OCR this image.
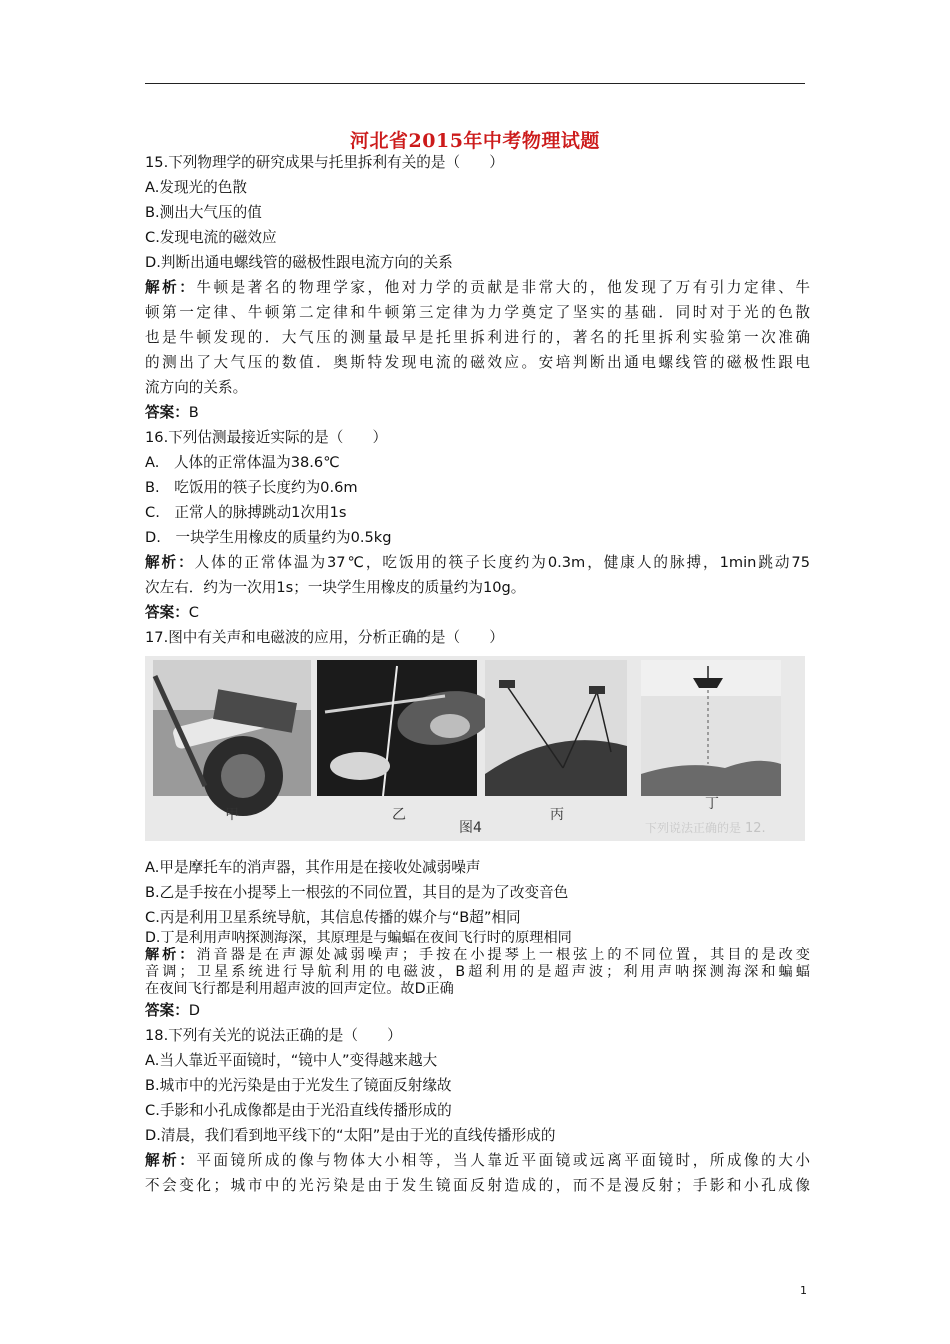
河北省2015年中考物理试题
15.下列物理学的研究成果与托里拆利有关的是（　　）
A.发现光的色散
B.测出大气压的值
C.发现电流的磁效应
D.判断出通电螺线管的磁极性跟电流方向的关系
解析：牛顿是著名的物理学家，他对力学的贡献是非常大的，他发现了万有引力定律、牛
顿第一定律、牛顿第二定律和牛顿第三定律为力学奠定了坚实的基础．同时对于光的色散
也是牛顿发现的．大气压的测量最早是托里拆利进行的，著名的托里拆利实验第一次准确
的测出了大气压的数值．奥斯特发现电流的磁效应。安培判断出通电螺线管的磁极性跟电
流方向的关系。
答案：B
16.下列估测最接近实际的是（　　）
A.　人体的正常体温为38.6℃
B.　吃饭用的筷子长度约为0.6m
C.　正常人的脉搏跳动1次用1s
D.　一块学生用橡皮的质量约为0.5kg
解析：人体的正常体温为37℃，吃饭用的筷子长度约为0.3m，健康人的脉搏，1min跳动75
次左右．约为一次用1s；一块学生用橡皮的质量约为10g。
答案：C
17.图中有关声和电磁波的应用，分析正确的是（　　）
12.
下列说法正确的是
甲	乙	丙
丁
图4
A.甲是摩托车的消声器，其作用是在接收处减弱噪声
B.乙是手按在小提琴上一根弦的不同位置，其目的是为了改变音色
C.丙是利用卫星系统导航，其信息传播的媒介与“B超”相同
D.丁是利用声呐探测海深，其原理是与蝙蝠在夜间飞行时的原理相同
解析：消音器是在声源处减弱噪声；手按在小提琴上一根弦上的不同位置，其目的是改变
音调；卫星系统进行导航利用的电磁波，B超利用的是超声波；利用声呐探测海深和蝙蝠
在夜间飞行都是利用超声波的回声定位。故D正确
答案：D
18.下列有关光的说法正确的是（　　）
A.当人靠近平面镜时，“镜中人”变得越来越大
B.城市中的光污染是由于光发生了镜面反射缘故
C.手影和小孔成像都是由于光沿直线传播形成的
D.清晨，我们看到地平线下的“太阳”是由于光的直线传播形成的
解析：平面镜所成的像与物体大小相等，当人靠近平面镜或远离平面镜时，所成像的大小
不会变化；城市中的光污染是由于发生镜面反射造成的，而不是漫反射；手影和小孔成像
1
